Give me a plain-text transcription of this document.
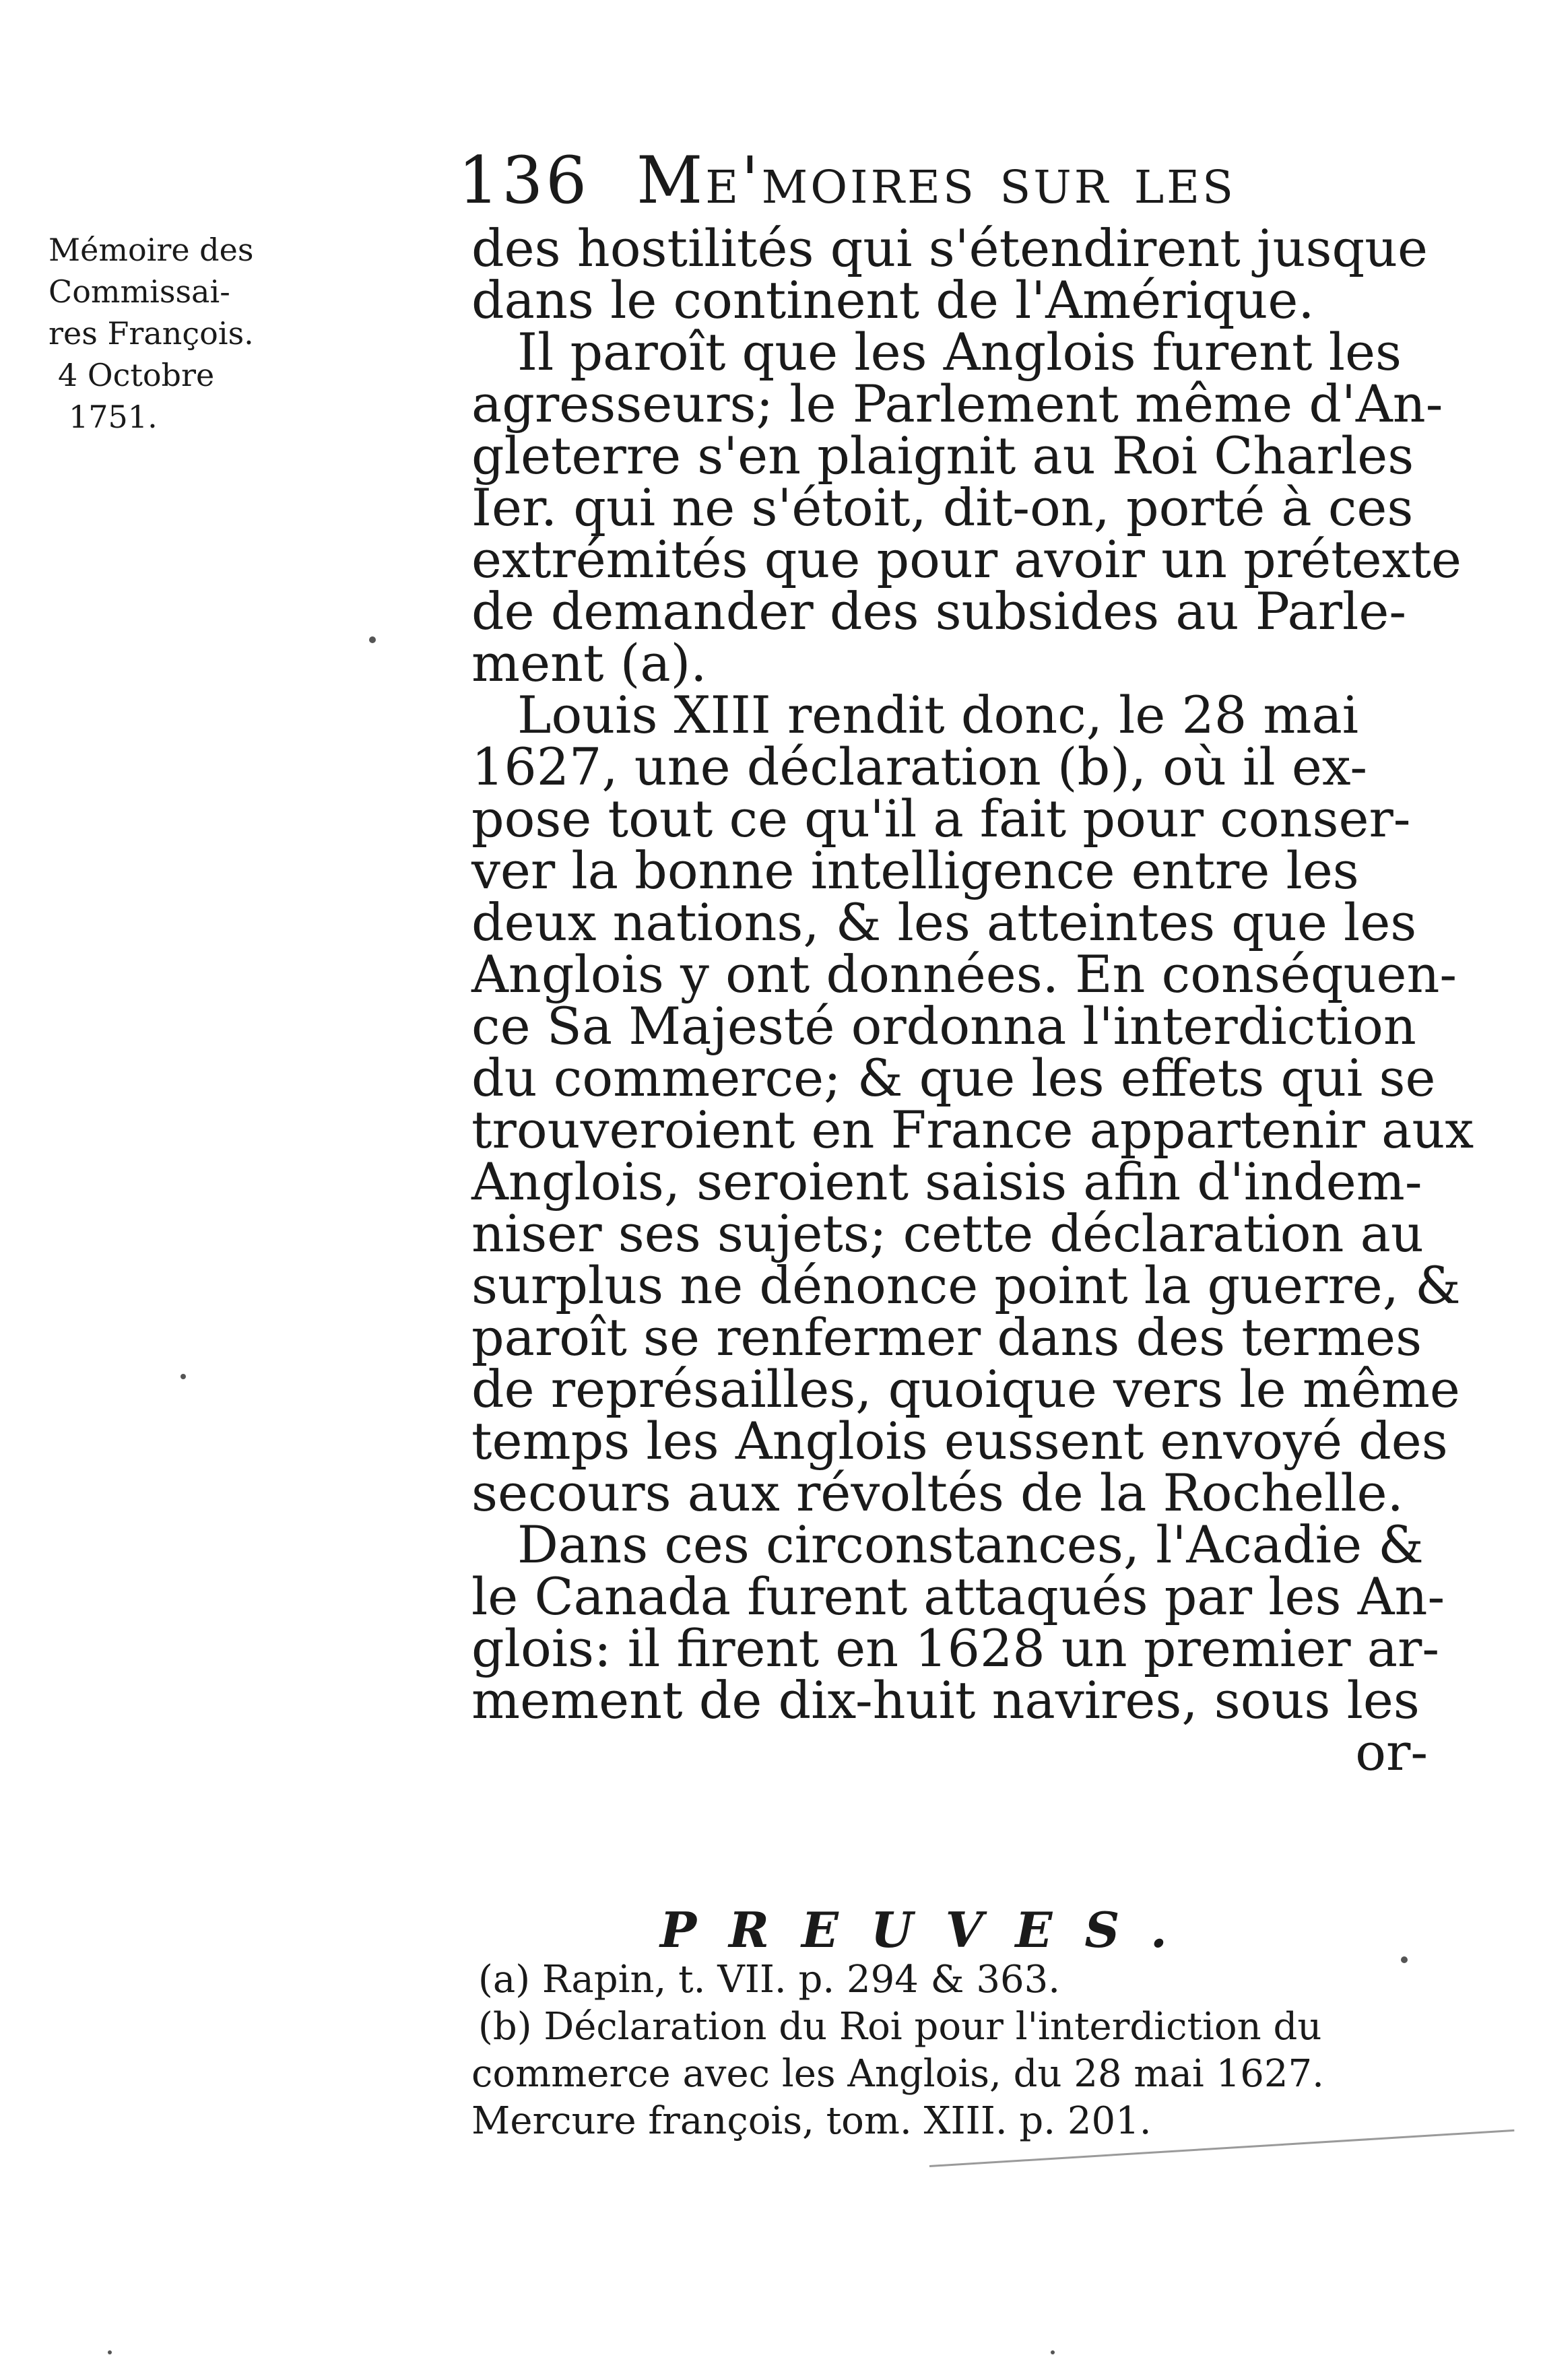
136 Me'moires sur les
Mémoire des
Commissai-
res François.
4 Octobre
1751.
des hostilités qui s'étendirent jusque
dans le continent de l'Amérique.
Il paroît que les Anglois furent les
agresseurs; le Parlement même d'An-
gleterre s'en plaignit au Roi Charles
Ier. qui ne s'étoit, dit-on, porté à ces
extrémités que pour avoir un prétexte
de demander des subsides au Parle-
ment (a).
Louis XIII rendit donc, le 28 mai
1627, une déclaration (b), où il ex-
pose tout ce qu'il a fait pour conser-
ver la bonne intelligence entre les
deux nations, & les atteintes que les
Anglois y ont données. En conséquen-
ce Sa Majesté ordonna l'interdiction
du commerce; & que les effets qui se
trouveroient en France appartenir aux
Anglois, seroient saisis afin d'indem-
niser ses sujets; cette déclaration au
surplus ne dénonce point la guerre, &
paroît se renfermer dans des termes
de représailles, quoique vers le même
temps les Anglois eussent envoyé des
secours aux révoltés de la Rochelle.
Dans ces circonstances, l'Acadie &
le Canada furent attaqués par les An-
glois: il firent en 1628 un premier ar-
mement de dix-huit navires, sous les
or-
PREUVES.
(a) Rapin, t. VII. p. 294 & 363.
(b) Déclaration du Roi pour l'interdiction du
commerce avec les Anglois, du 28 mai 1627.
Mercure françois, tom. XIII. p. 201.
